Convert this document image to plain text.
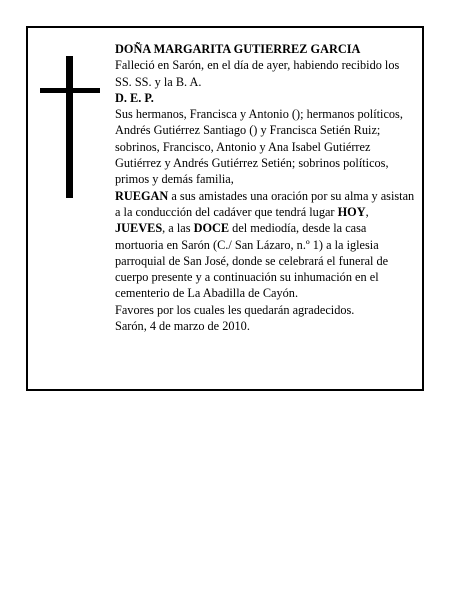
DOÑA MARGARITA GUTIERREZ GARCIA

Falleció en Sarón, en el día de ayer, habiendo recibido los SS. SS. y la B. A.

D. E. P.

Sus hermanos, Francisca y Antonio (); hermanos políticos, Andrés Gutiérrez Santiago () y Francisca Setién Ruiz; sobrinos, Francisco, Antonio y Ana Isabel Gutiérrez Gutiérrez y Andrés Gutiérrez Setién; sobrinos políticos, primos y demás familia,

RUEGAN a sus amistades una oración por su alma y asistan a la conducción del cadáver que tendrá lugar HOY, JUEVES, a las DOCE del mediodía, desde la casa mortuoria en Sarón (C./ San Lázaro, n.º 1) a la iglesia parroquial de San José, donde se celebrará el funeral de cuerpo presente y a continuación su inhumación en el cementerio de La Abadilla de Cayón.

Favores por los cuales les quedarán agradecidos.

Sarón, 4 de marzo de 2010.
